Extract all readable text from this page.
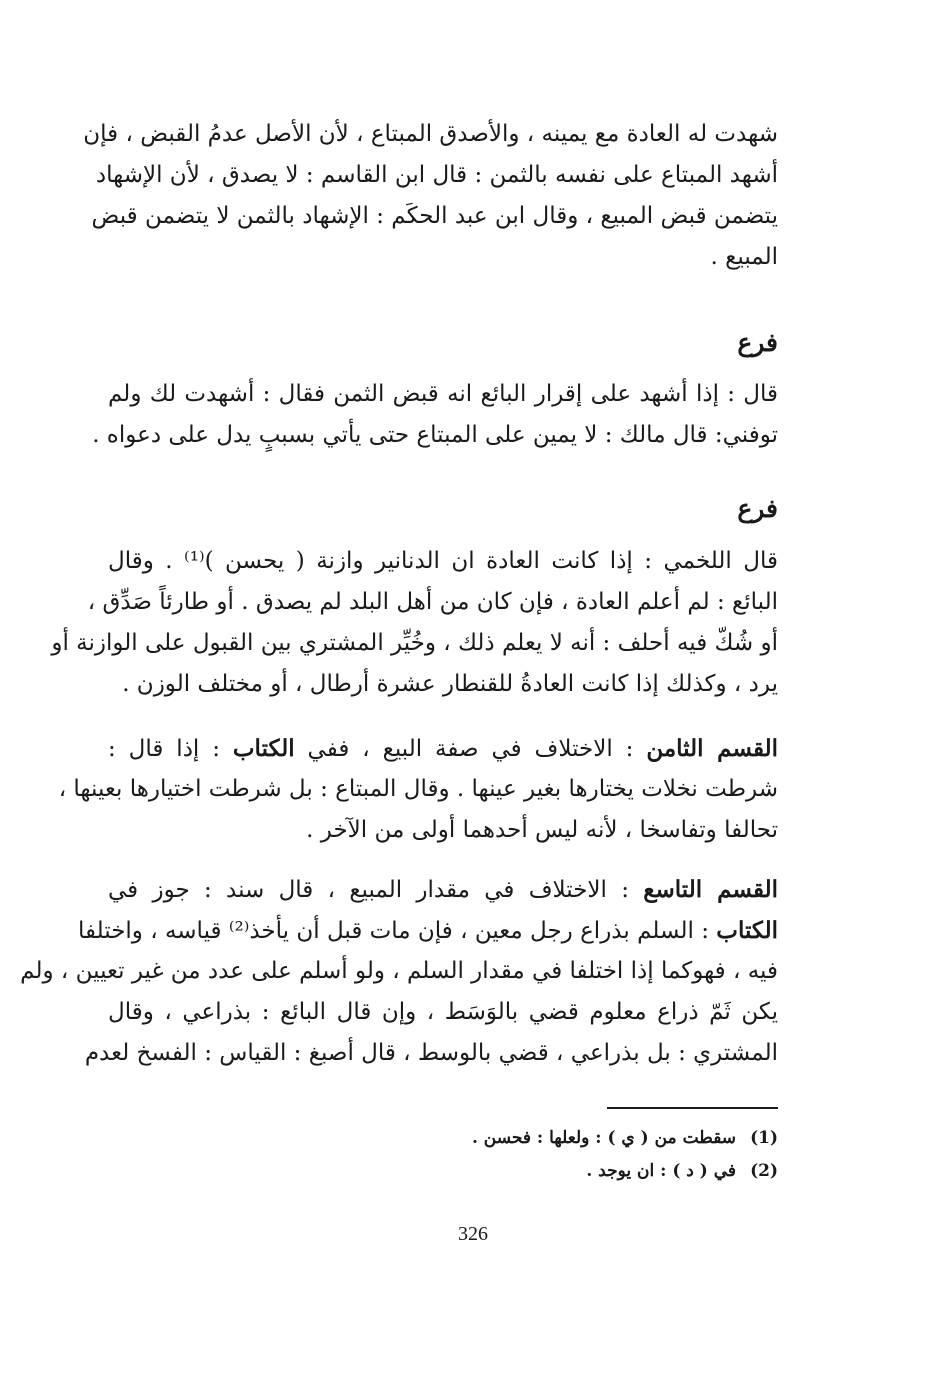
شهدت له العادة مع يمينه ، والأصدق المبتاع ، لأن الأصل عدمُ القبض ، فإن
أشهد المبتاع على نفسه بالثمن : قال ابن القاسم : لا يصدق ، لأن الإشهاد
يتضمن قبض المبيع ، وقال ابن عبد الحكَم : الإشهاد بالثمن لا يتضمن قبض
المبيع .
فرع
قال : إذا أشهد على إقرار البائع انه قبض الثمن فقال : أشهدت لك ولم
توفني: قال مالك : لا يمين على المبتاع حتى يأتي بسببٍ يدل على دعواه .
فرع
قال اللخمي : إذا كانت العادة ان الدنانير وازنة ( يحسن )⁽¹⁾ . وقال
البائع : لم أعلم العادة ، فإن كان من أهل البلد لم يصدق . أو طارئاً صَدِّق ،
أو شُكّ فيه أحلف : أنه لا يعلم ذلك ، وخُيِّر المشتري بين القبول على الوازنة أو
يرد ، وكذلك إذا كانت العادةُ للقنطار عشرة أرطال ، أو مختلف الوزن .
القسم الثامن : الاختلاف في صفة البيع ، ففي الكتاب : إذا قال :
شرطت نخلات يختارها بغير عينها . وقال المبتاع : بل شرطت اختيارها بعينها ،
تحالفا وتفاسخا ، لأنه ليس أحدهما أولى من الآخر .
القسم التاسع : الاختلاف في مقدار المبيع ، قال سند : جوز في
الكتاب : السلم بذراع رجل معين ، فإن مات قبل أن يأخذ⁽²⁾ قياسه ، واختلفا
فيه ، فهوكما إذا اختلفا في مقدار السلم ، ولو أسلم على عدد من غير تعيين ، ولم
يكن ثَمّ ذراع معلوم قضي بالوَسَط ، وإن قال البائع : بذراعي ، وقال
المشتري : بل بذراعي ، قضي بالوسط ، قال أصبغ : القياس : الفسخ لعدم
(1)سقطت من ( ي ) : ولعلها : فحسن .
(2)في ( د ) : ان يوجد .
326
